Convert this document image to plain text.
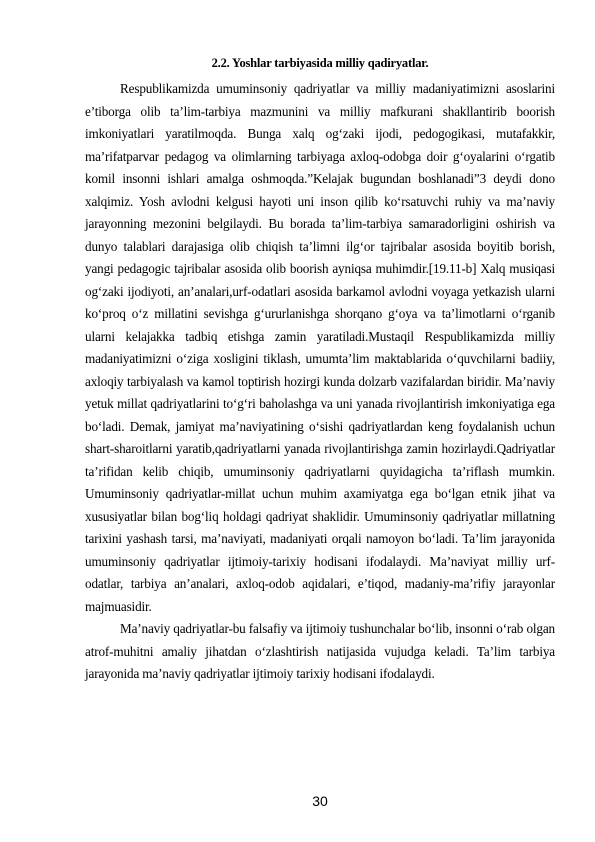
2.2. Yoshlar tarbiyasida milliy qadiryatlar.

Respublikamizda umuminsoniy qadriyatlar va milliy madaniyatimizni asoslarini e’tiborga olib ta’lim-tarbiya mazmunini va milliy mafkurani shakllantirib boorish imkoniyatlari yaratilmoqda. Bunga xalq og‘zaki ijodi, pedogogikasi, mutafakkir, ma’rifatparvar pedagog va olimlarning tarbiyaga axloq-odobga doir g‘oyalarini o‘rgatib komil insonni ishlari amalga oshmoqda.”Kelajak bugundan boshlanadi”3 deydi dono xalqimiz. Yosh avlodni kelgusi hayoti uni inson qilib ko‘rsatuvchi ruhiy va ma’naviy jarayonning mezonini belgilaydi. Bu borada ta’lim-tarbiya samaradorligini oshirish va dunyo talablari darajasiga olib chiqish ta’limni ilg‘or tajribalar asosida boyitib borish, yangi pedagogic tajribalar asosida olib boorish ayniqsa muhimdir.[19.11-b] Xalq musiqasi og‘zaki ijodiyoti, an’analari,urf-odatlari asosida barkamol avlodni voyaga yetkazish ularni ko‘proq o‘z millatini sevishga g‘ururlanishga shorqano g‘oya va ta’limotlarni o‘rganib ularni kelajakka tadbiq etishga zamin yaratiladi.Mustaqil Respublikamizda milliy madaniyatimizni o‘ziga xosligini tiklash, umumta’lim maktablarida o‘quvchilarni badiiy, axloqiy tarbiyalash va kamol toptirish hozirgi kunda dolzarb vazifalardan biridir. Ma’naviy yetuk millat qadriyatlarini to‘g‘ri baholashga va uni yanada rivojlantirish imkoniyatiga ega bo‘ladi. Demak, jamiyat ma’naviyatining o‘sishi qadriyatlardan keng foydalanish uchun shart-sharoitlarni yaratib,qadriyatlarni yanada rivojlantirishga zamin hozirlaydi.Qadriyatlar ta’rifidan kelib chiqib, umuminsoniy qadriyatlarni quyidagicha ta’riflash mumkin. Umuminsoniy qadriyatlar-millat uchun muhim axamiyatga ega bo‘lgan etnik jihat va xususiyatlar bilan bog‘liq holdagi qadriyat shaklidir. Umuminsoniy qadriyatlar millatning tarixini yashash tarsi, ma’naviyati, madaniyati orqali namoyon bo‘ladi. Ta’lim jarayonida umuminsoniy qadriyatlar ijtimoiy-tarixiy hodisani ifodalaydi. Ma’naviyat milliy urf-odatlar, tarbiya an’analari, axloq-odob aqidalari, e’tiqod, madaniy-ma’rifiy jarayonlar majmuasidir.

Ma’naviy qadriyatlar-bu falsafiy va ijtimoiy tushunchalar bo‘lib, insonni o‘rab olgan atrof-muhitni amaliy jihatdan o‘zlashtirish natijasida vujudga keladi. Ta’lim tarbiya jarayonida ma’naviy qadriyatlar ijtimoiy tarixiy hodisani ifodalaydi.

30
